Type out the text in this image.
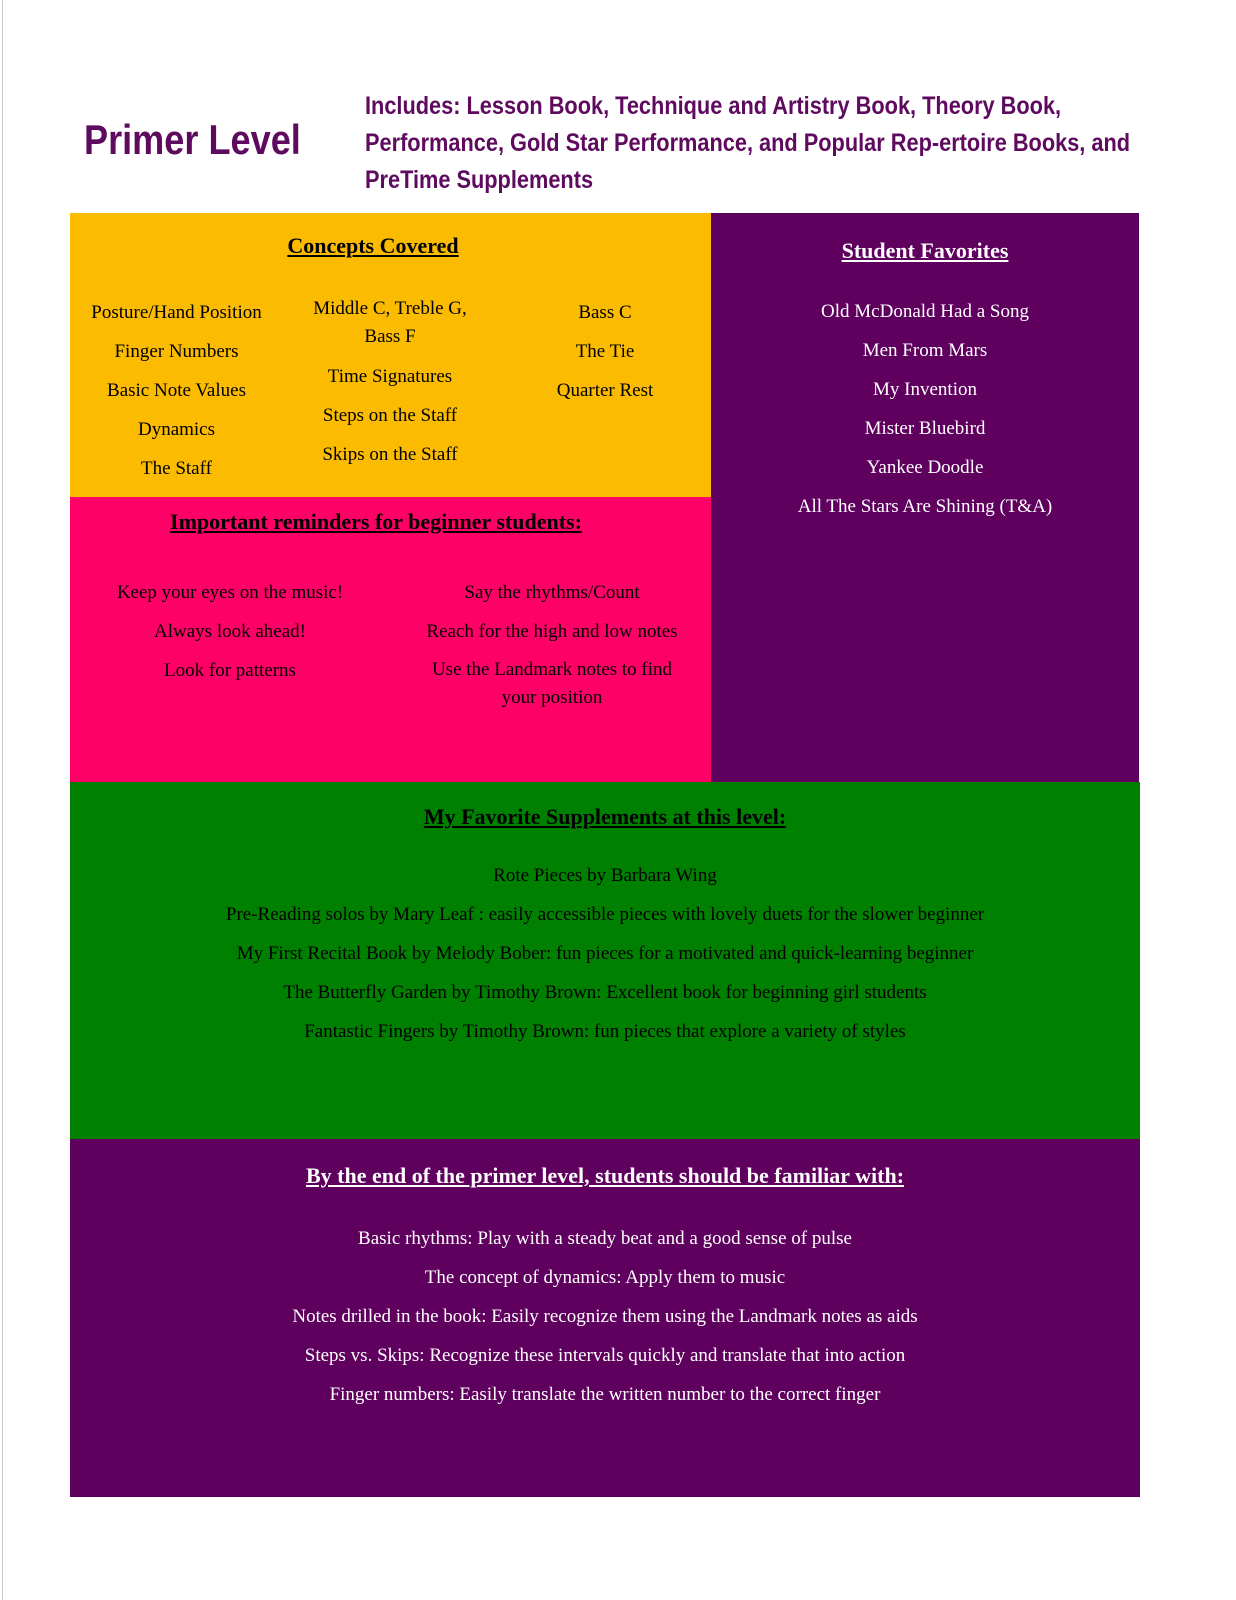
Primer Level
Includes: Lesson Book, Technique and Artistry Book, Theory Book, Performance, Gold Star Performance, and Popular Rep-ertoire Books, and PreTime Supplements
Concepts Covered
Posture/Hand Position
Finger Numbers
Basic Note Values
Dynamics
The Staff
Middle C, Treble G, Bass F
Time Signatures
Steps on the Staff
Skips on the Staff
Bass C
The Tie
Quarter Rest
Important reminders for beginner students:
Keep your eyes on the music!
Always look ahead!
Look for patterns
Say the rhythms/Count
Reach for the high and low notes
Use the Landmark notes to find your position
Student Favorites
Old McDonald Had a Song
Men From Mars
My Invention
Mister Bluebird
Yankee Doodle
All The Stars Are Shining (T&A)
My Favorite Supplements at this level:
Rote Pieces by Barbara Wing
Pre-Reading solos by Mary Leaf : easily accessible pieces with lovely duets for the slower beginner
My First Recital Book by Melody Bober: fun pieces for a motivated and quick-learning beginner
The Butterfly Garden by Timothy Brown: Excellent book for beginning girl students
Fantastic Fingers by Timothy Brown: fun pieces that explore a variety of styles
By the end of the primer level, students should be familiar with:
Basic rhythms: Play with a steady beat and a good sense of pulse
The concept of dynamics: Apply them to music
Notes drilled in the book: Easily recognize them using the Landmark notes as aids
Steps vs. Skips: Recognize these intervals quickly and translate that into action
Finger numbers: Easily translate the written number to the correct finger
